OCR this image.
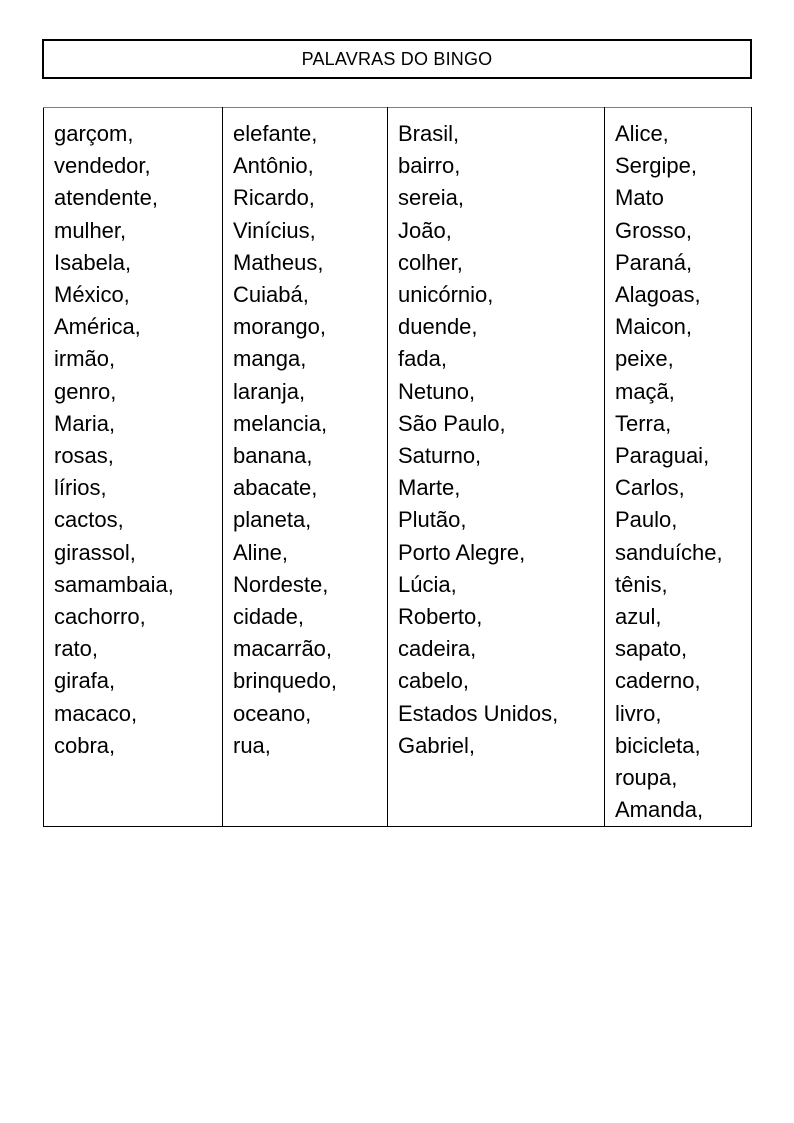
PALAVRAS DO BINGO
garçom,
vendedor,
atendente,
mulher,
Isabela,
México,
América,
irmão,
genro,
Maria,
rosas,
lírios,
cactos,
girassol,
samambaia,
cachorro,
rato,
girafa,
macaco,
cobra,

elefante,
Antônio,
Ricardo,
Vinícius,
Matheus,
Cuiabá,
morango,
manga,
laranja,
melancia,
banana,
abacate,
planeta,
Aline,
Nordeste,
cidade,
macarrão,
brinquedo,
oceano,
rua,

Brasil,
bairro,
sereia,
João,
colher,
unicórnio,
duende,
fada,
Netuno,
São Paulo,
Saturno,
Marte,
Plutão,
Porto Alegre,
Lúcia,
Roberto,
cadeira,
cabelo,
Estados Unidos,
Gabriel,

Alice,
Sergipe,
Mato
Grosso,
Paraná,
Alagoas,
Maicon,
peixe,
maçã,
Terra,
Paraguai,
Carlos,
Paulo,
sanduíche,
tênis,
azul,
sapato,
caderno,
livro,
bicicleta,
roupa,
Amanda,
